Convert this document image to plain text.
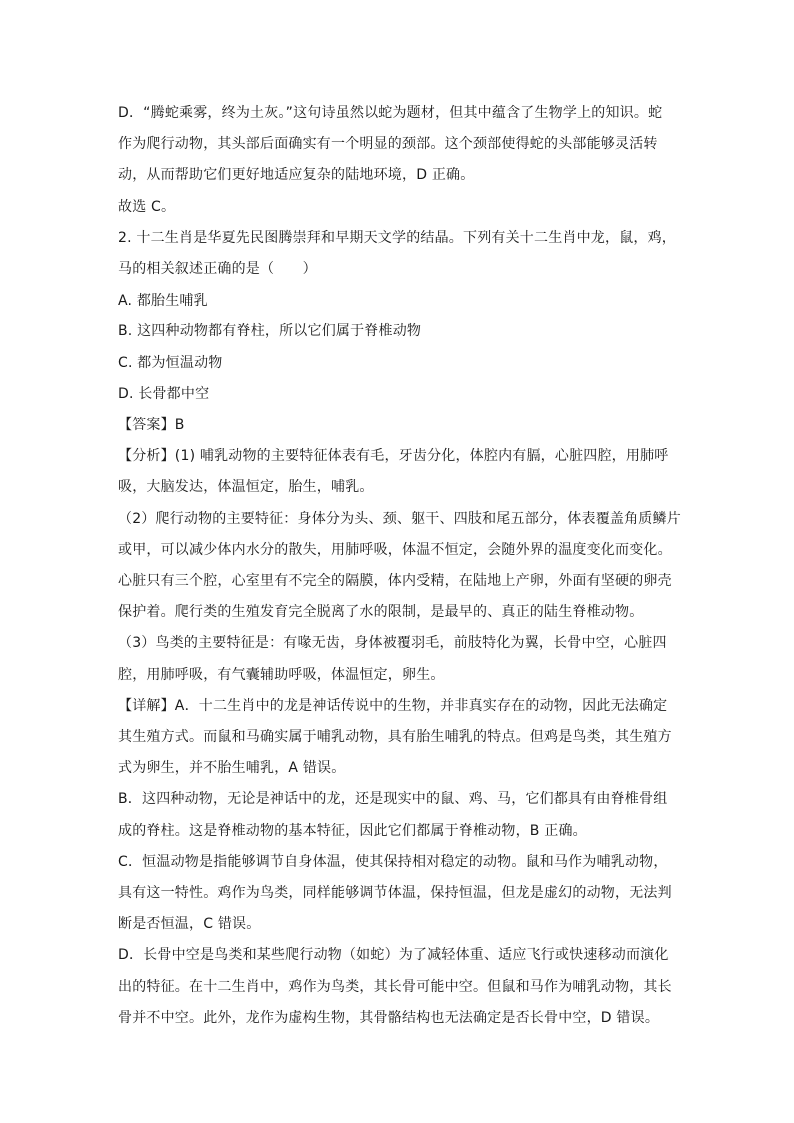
D．“腾蛇乘雾，终为土灰。”这句诗虽然以蛇为题材，但其中蕴含了生物学上的知识。蛇
作为爬行动物，其头部后面确实有一个明显的颈部。这个颈部使得蛇的头部能够灵活转
动，从而帮助它们更好地适应复杂的陆地环境，D 正确。
故选 C。
2. 十二生肖是华夏先民图腾崇拜和早期天文学的结晶。下列有关十二生肖中龙，鼠，鸡，
马的相关叙述正确的是（　　）
A. 都胎生哺乳
B. 这四种动物都有脊柱，所以它们属于脊椎动物
C. 都为恒温动物
D. 长骨都中空
【答案】B
【分析】(1) 哺乳动物的主要特征体表有毛，牙齿分化，体腔内有膈，心脏四腔，用肺呼
吸，大脑发达，体温恒定，胎生，哺乳。
（2）爬行动物的主要特征：身体分为头、颈、躯干、四肢和尾五部分，体表覆盖角质鳞片
或甲，可以减少体内水分的散失，用肺呼吸，体温不恒定，会随外界的温度变化而变化。
心脏只有三个腔，心室里有不完全的隔膜，体内受精，在陆地上产卵，外面有坚硬的卵壳
保护着。爬行类的生殖发育完全脱离了水的限制，是最早的、真正的陆生脊椎动物。
（3）鸟类的主要特征是：有喙无齿，身体被覆羽毛，前肢特化为翼，长骨中空，心脏四
腔，用肺呼吸，有气囊辅助呼吸，体温恒定，卵生。
【详解】A．十二生肖中的龙是神话传说中的生物，并非真实存在的动物，因此无法确定
其生殖方式。而鼠和马确实属于哺乳动物，具有胎生哺乳的特点。但鸡是鸟类，其生殖方
式为卵生，并不胎生哺乳，A 错误。
B．这四种动物，无论是神话中的龙，还是现实中的鼠、鸡、马，它们都具有由脊椎骨组
成的脊柱。这是脊椎动物的基本特征，因此它们都属于脊椎动物，B 正确。
C．恒温动物是指能够调节自身体温，使其保持相对稳定的动物。鼠和马作为哺乳动物，
具有这一特性。鸡作为鸟类，同样能够调节体温，保持恒温，但龙是虚幻的动物，无法判
断是否恒温，C 错误。
D．长骨中空是鸟类和某些爬行动物（如蛇）为了减轻体重、适应飞行或快速移动而演化
出的特征。在十二生肖中，鸡作为鸟类，其长骨可能中空。但鼠和马作为哺乳动物，其长
骨并不中空。此外，龙作为虚构生物，其骨骼结构也无法确定是否长骨中空，D 错误。
